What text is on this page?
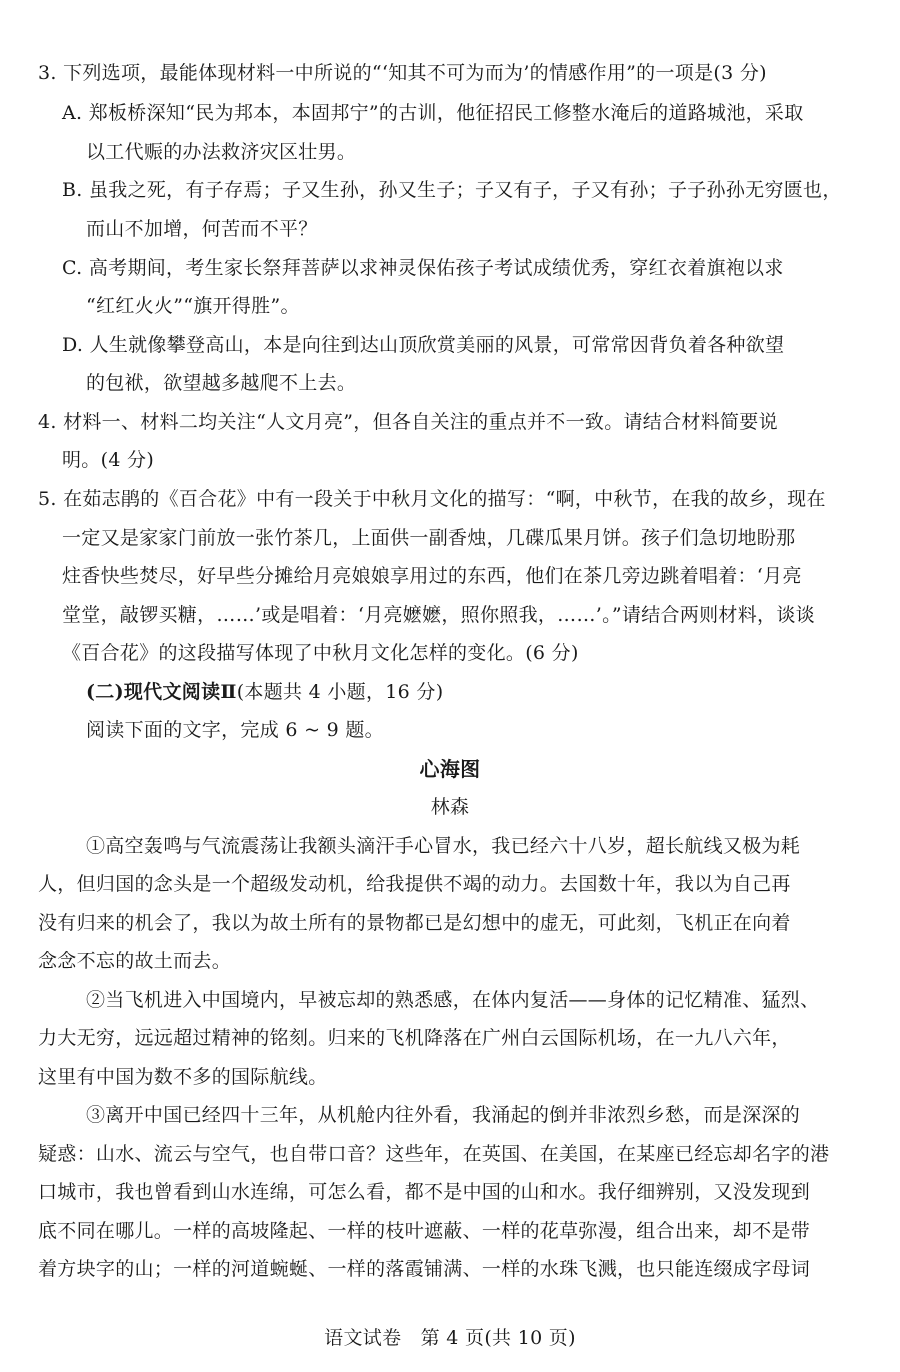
3. 下列选项，最能体现材料一中所说的“‘知其不可为而为’的情感作用”的一项是(3 分)
A. 郑板桥深知“民为邦本，本固邦宁”的古训，他征招民工修整水淹后的道路城池，采取
以工代赈的办法救济灾区壮男。
B. 虽我之死，有子存焉；子又生孙，孙又生子；子又有子，子又有孙；子子孙孙无穷匮也，
而山不加增，何苦而不平？
C. 高考期间，考生家长祭拜菩萨以求神灵保佑孩子考试成绩优秀，穿红衣着旗袍以求
“红红火火”“旗开得胜”。
D. 人生就像攀登高山，本是向往到达山顶欣赏美丽的风景，可常常因背负着各种欲望
的包袱，欲望越多越爬不上去。
4. 材料一、材料二均关注“人文月亮”，但各自关注的重点并不一致。请结合材料简要说
明。(4 分)
5. 在茹志鹃的《百合花》中有一段关于中秋月文化的描写：“啊，中秋节，在我的故乡，现在
一定又是家家门前放一张竹茶几，上面供一副香烛，几碟瓜果月饼。孩子们急切地盼那
炷香快些焚尽，好早些分摊给月亮娘娘享用过的东西，他们在茶几旁边跳着唱着：‘月亮
堂堂，敲锣买糖，……’或是唱着：‘月亮嬷嬷，照你照我，……’。”请结合两则材料，谈谈
《百合花》的这段描写体现了中秋月文化怎样的变化。(6 分)
(二)现代文阅读Ⅱ(本题共 4 小题，16 分)
阅读下面的文字，完成 6 ~ 9 题。
心海图
林森
①高空轰鸣与气流震荡让我额头滴汗手心冒水，我已经六十八岁，超长航线又极为耗
人，但归国的念头是一个超级发动机，给我提供不竭的动力。去国数十年，我以为自己再
没有归来的机会了，我以为故土所有的景物都已是幻想中的虚无，可此刻，飞机正在向着
念念不忘的故土而去。
②当飞机进入中国境内，早被忘却的熟悉感，在体内复活——身体的记忆精准、猛烈、
力大无穷，远远超过精神的铭刻。归来的飞机降落在广州白云国际机场，在一九八六年，
这里有中国为数不多的国际航线。
③离开中国已经四十三年，从机舱内往外看，我涌起的倒并非浓烈乡愁，而是深深的
疑惑：山水、流云与空气，也自带口音？这些年，在英国、在美国，在某座已经忘却名字的港
口城市，我也曾看到山水连绵，可怎么看，都不是中国的山和水。我仔细辨别，又没发现到
底不同在哪儿。一样的高坡隆起、一样的枝叶遮蔽、一样的花草弥漫，组合出来，却不是带
着方块字的山；一样的河道蜿蜒、一样的落霞铺满、一样的水珠飞溅，也只能连缀成字母词
语文试卷　第 4 页(共 10 页)
